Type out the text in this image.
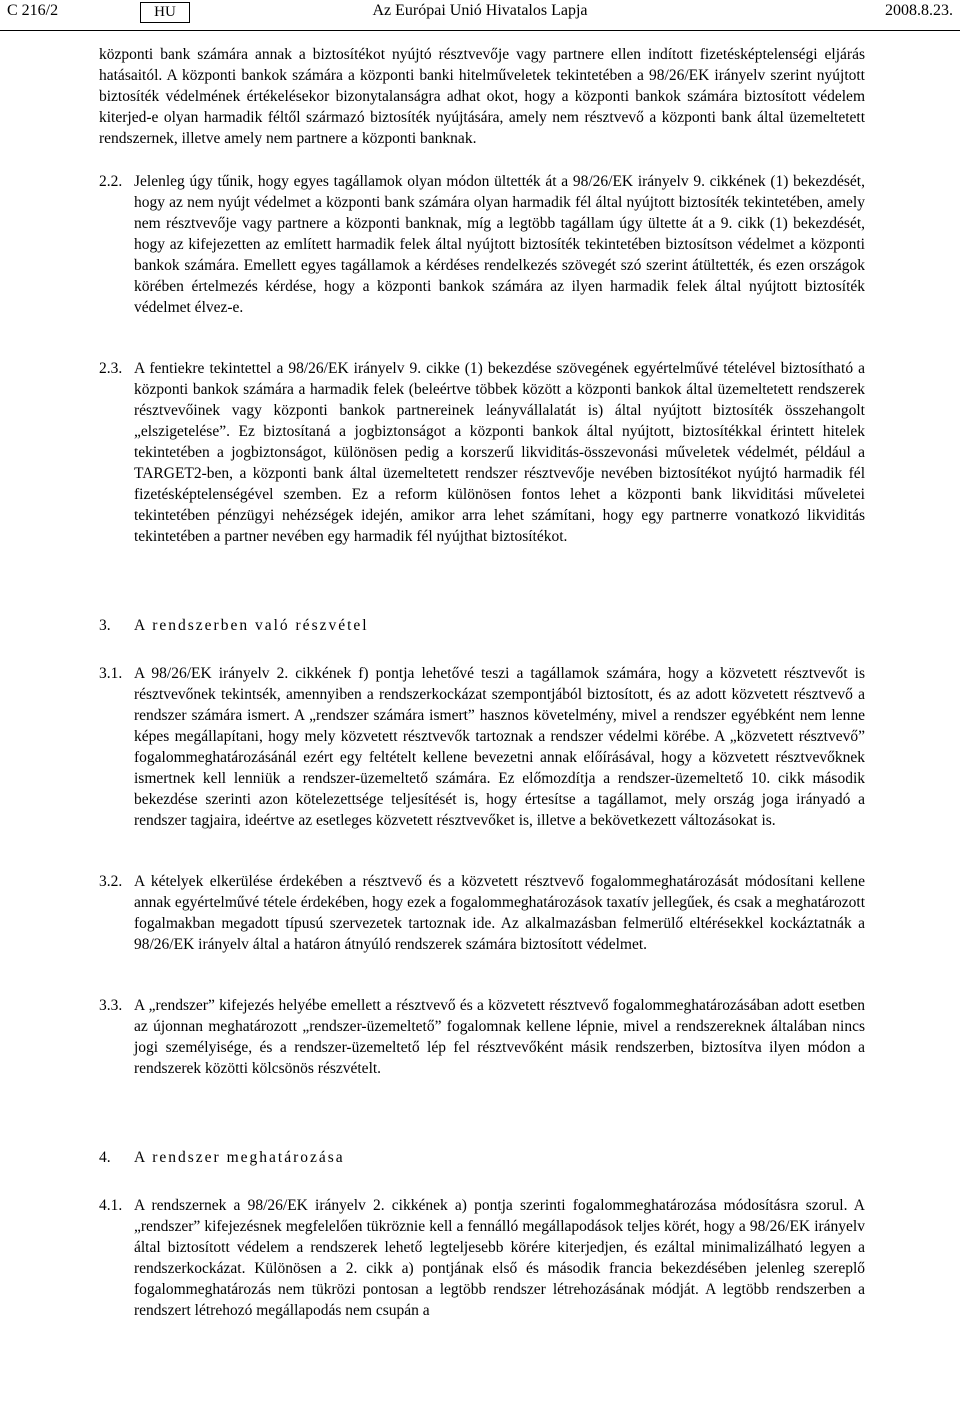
C 216/2	HU	Az Európai Unió Hivatalos Lapja	2008.8.23.

központi bank számára annak a biztosítékot nyújtó résztvevője vagy partnere ellen indított fizetésképtelenségi eljárás hatásaitól. A központi bankok számára a központi banki hitelműveletek tekintetében a 98/26/EK irányelv szerint nyújtott biztosíték védelmének értékelésekor bizonytalanságra adhat okot, hogy a központi bankok számára biztosított védelem kiterjed-e olyan harmadik féltől származó biztosíték nyújtására, amely nem résztvevő a központi bank által üzemeltetett rendszernek, illetve amely nem partnere a központi banknak.

2.2. Jelenleg úgy tűnik, hogy egyes tagállamok olyan módon ültették át a 98/26/EK irányelv 9. cikkének (1) bekezdését, hogy az nem nyújt védelmet a központi bank számára olyan harmadik fél által nyújtott biztosíték tekintetében, amely nem résztvevője vagy partnere a központi banknak, míg a legtöbb tagállam úgy ültette át a 9. cikk (1) bekezdését, hogy az kifejezetten az említett harmadik felek által nyújtott biztosíték tekintetében biztosítson védelmet a központi bankok számára. Emellett egyes tagállamok a kérdéses rendelkezés szövegét szó szerint átültették, és ezen országok körében értelmezés kérdése, hogy a központi bankok számára az ilyen harmadik felek által nyújtott biztosíték védelmet élvez-e.

2.3. A fentiekre tekintettel a 98/26/EK irányelv 9. cikke (1) bekezdése szövegének egyértelművé tételével biztosítható a központi bankok számára a harmadik felek (beleértve többek között a központi bankok által üzemeltetett rendszerek résztvevőinek vagy központi bankok partnereinek leányvállalatát is) által nyújtott biztosíték összehangolt „elszigetelése”. Ez biztosítaná a jogbiztonságot a központi bankok által nyújtott, biztosítékkal érintett hitelek tekintetében a jogbiztonságot, különösen pedig a korszerű likviditás-összevonási műveletek védelmét, például a TARGET2-ben, a központi bank által üzemeltetett rendszer résztvevője nevében biztosítékot nyújtó harmadik fél fizetésképtelenségével szemben. Ez a reform különösen fontos lehet a központi bank likviditási műveletei tekintetében pénzügyi nehézségek idején, amikor arra lehet számítani, hogy egy partnerre vonatkozó likviditás tekintetében a partner nevében egy harmadik fél nyújthat biztosítékot.

3. A rendszerben való részvétel
3.1. A 98/26/EK irányelv 2. cikkének f) pontja lehetővé teszi a tagállamok számára, hogy a közvetett résztvevőt is résztvevőnek tekintsék, amennyiben a rendszerkockázat szempontjából biztosított, és az adott közvetett résztvevő a rendszer számára ismert. A „rendszer számára ismert” hasznos követelmény, mivel a rendszer egyébként nem lenne képes megállapítani, hogy mely közvetett résztvevők tartoznak a rendszer védelmi körébe. A „közvetett résztvevő” fogalommeghatározásánál ezért egy feltételt kellene bevezetni annak előírásával, hogy a közvetett résztvevőknek ismertnek kell lenniük a rendszer-üzemeltető számára. Ez előmozdítja a rendszer-üzemeltető 10. cikk második bekezdése szerinti azon kötelezettsége teljesítését is, hogy értesítse a tagállamot, mely ország joga irányadó a rendszer tagjaira, ideértve az esetleges közvetett résztvevőket is, illetve a bekövetkezett változásokat is.

3.2. A kételyek elkerülése érdekében a résztvevő és a közvetett résztvevő fogalommeghatározását módosítani kellene annak egyértelművé tétele érdekében, hogy ezek a fogalommeghatározások taxatív jellegűek, és csak a meghatározott fogalmakban megadott típusú szervezetek tartoznak ide. Az alkalmazásban felmerülő eltérésekkel kockáztatnák a 98/26/EK irányelv által a határon átnyúló rendszerek számára biztosított védelmet.

3.3. A „rendszer” kifejezés helyébe emellett a résztvevő és a közvetett résztvevő fogalommeghatározásában adott esetben az újonnan meghatározott „rendszer-üzemeltető” fogalomnak kellene lépnie, mivel a rendszereknek általában nincs jogi személyisége, és a rendszer-üzemeltető lép fel résztvevőként másik rendszerben, biztosítva ilyen módon a rendszerek közötti kölcsönös részvételt.

4. A rendszer meghatározása
4.1. A rendszernek a 98/26/EK irányelv 2. cikkének a) pontja szerinti fogalommeghatározása módosításra szorul. A „rendszer” kifejezésnek megfelelően tükröznie kell a fennálló megállapodások teljes körét, hogy a 98/26/EK irányelv által biztosított védelem a rendszerek lehető legteljesebb körére kiterjedjen, és ezáltal minimalizálható legyen a rendszerkockázat. Különösen a 2. cikk a) pontjának első és második francia bekezdésében jelenleg szereplő fogalommeghatározás nem tükrözi pontosan a legtöbb rendszer létrehozásának módját. A legtöbb rendszerben a rendszert létrehozó megállapodás nem csupán a
